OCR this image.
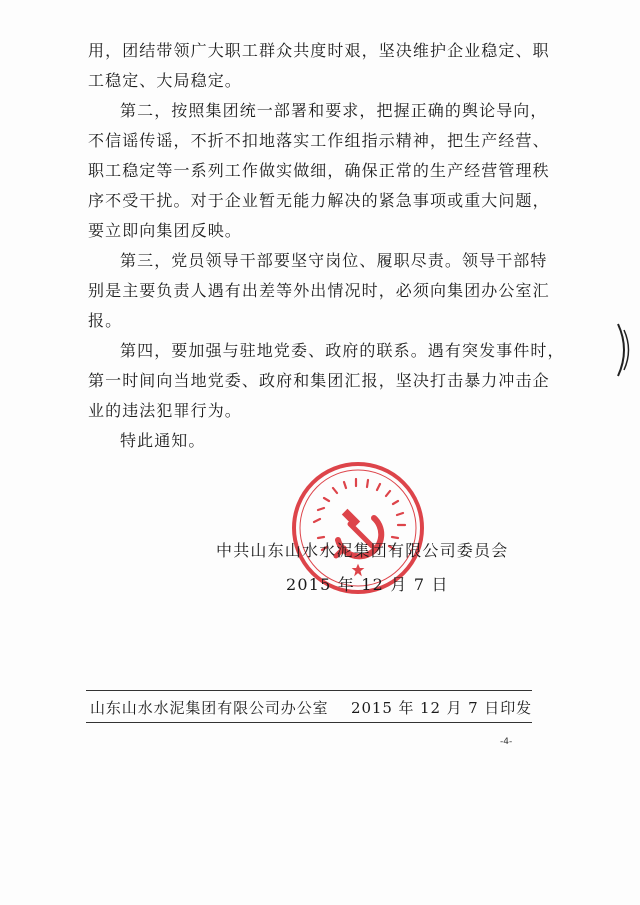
用，团结带领广大职工群众共度时艰，坚决维护企业稳定、职
工稳定、大局稳定。
第二，按照集团统一部署和要求，把握正确的舆论导向，
不信谣传谣，不折不扣地落实工作组指示精神，把生产经营、
职工稳定等一系列工作做实做细，确保正常的生产经营管理秩
序不受干扰。对于企业暂无能力解决的紧急事项或重大问题，
要立即向集团反映。
第三，党员领导干部要坚守岗位、履职尽责。领导干部特
别是主要负责人遇有出差等外出情况时，必须向集团办公室汇
报。
第四，要加强与驻地党委、政府的联系。遇有突发事件时，
第一时间向当地党委、政府和集团汇报，坚决打击暴力冲击企
业的违法犯罪行为。
特此通知。
中共山东山水水泥集团有限公司委员会
2015 年 12 月 7 日
山东山水水泥集团有限公司办公室 2015 年 12 月 7 日印发
-4-
